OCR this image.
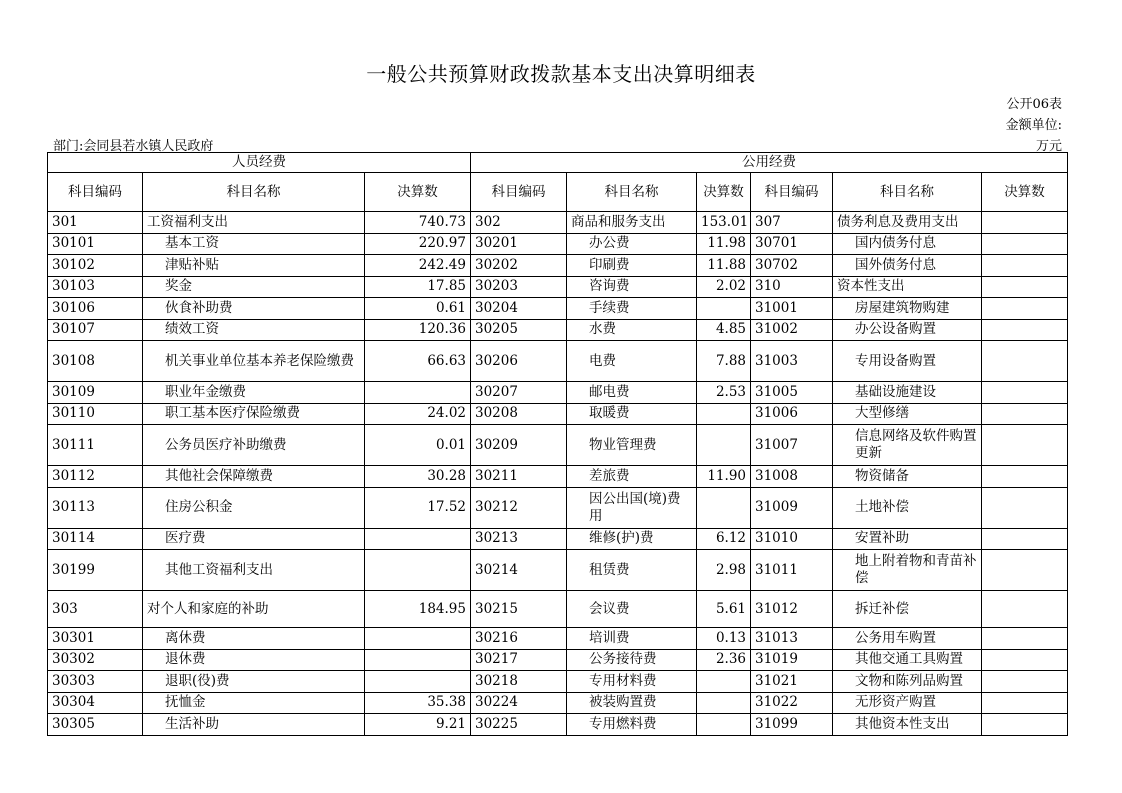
一般公共预算财政拨款基本支出决算明细表
公开06表
金额单位:
部门:会同县若水镇人民政府	万元
人员经费			公用经费					
科目编码	科目名称	决算数	科目编码	科目名称	决算数	科目编码	科目名称	决算数
301	工资福利支出	740.73	302	商品和服务支出	153.01	307	债务利息及费用支出	
30101	基本工资	220.97	30201	办公费	11.98	30701	国内债务付息	
30102	津贴补贴	242.49	30202	印刷费	11.88	30702	国外债务付息	
30103	奖金	17.85	30203	咨询费	2.02	310	资本性支出	
30106	伙食补助费	0.61	30204	手续费		31001	房屋建筑物购建	
30107	绩效工资	120.36	30205	水费	4.85	31002	办公设备购置	
30108	机关事业单位基本养老保险缴费	66.63	30206	电费	7.88	31003	专用设备购置	
30109	职业年金缴费		30207	邮电费	2.53	31005	基础设施建设	
30110	职工基本医疗保险缴费	24.02	30208	取暖费		31006	大型修缮	
30111	公务员医疗补助缴费	0.01	30209	物业管理费		31007	信息网络及软件购置更新	
30112	其他社会保障缴费	30.28	30211	差旅费	11.90	31008	物资储备	
30113	住房公积金	17.52	30212	因公出国(境)费用		31009	土地补偿	
30114	医疗费		30213	维修(护)费	6.12	31010	安置补助	
30199	其他工资福利支出		30214	租赁费	2.98	31011	地上附着物和青苗补偿	
303	对个人和家庭的补助	184.95	30215	会议费	5.61	31012	拆迁补偿	
30301	离休费		30216	培训费	0.13	31013	公务用车购置	
30302	退休费		30217	公务接待费	2.36	31019	其他交通工具购置	
30303	退职(役)费		30218	专用材料费		31021	文物和陈列品购置	
30304	抚恤金	35.38	30224	被装购置费		31022	无形资产购置	
30305	生活补助	9.21	30225	专用燃料费		31099	其他资本性支出	
